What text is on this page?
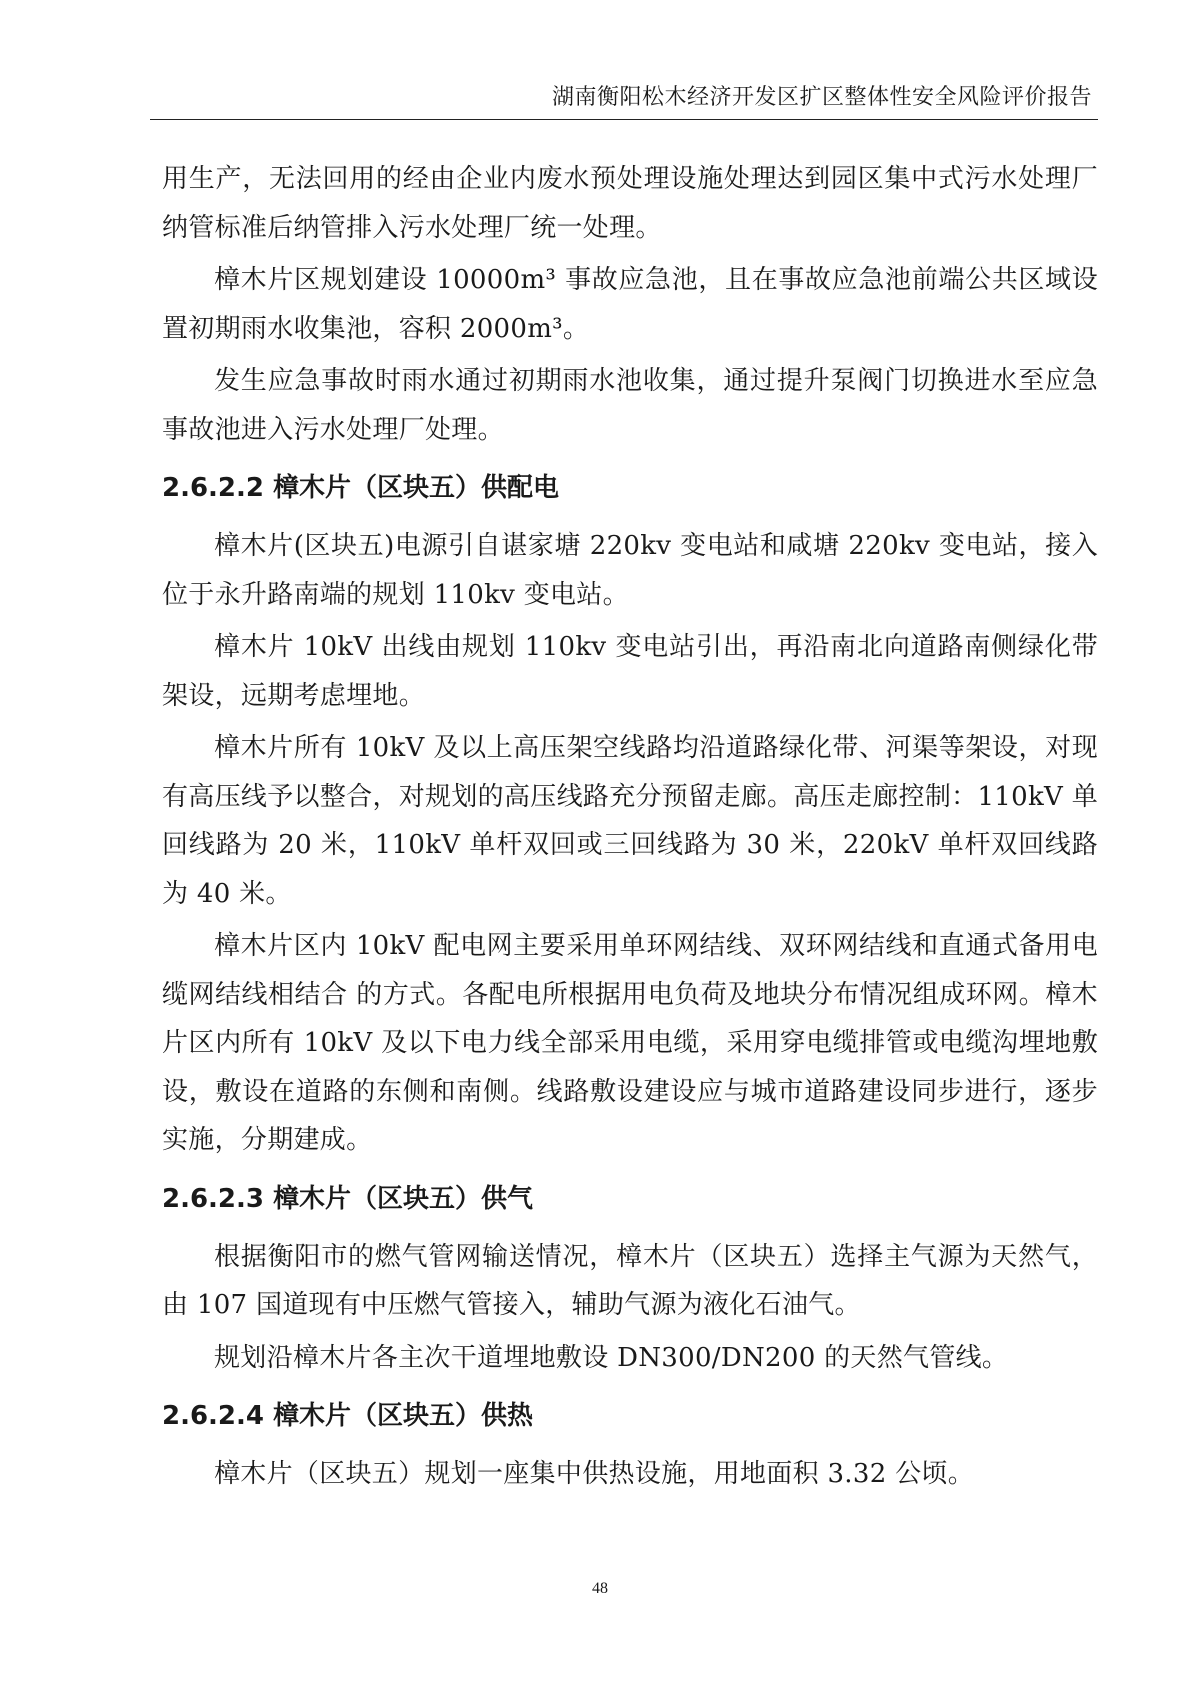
湖南衡阳松木经济开发区扩区整体性安全风险评价报告

用生产，无法回用的经由企业内废水预处理设施处理达到园区集中式污水处理厂纳管标准后纳管排入污水处理厂统一处理。

樟木片区规划建设 10000m³ 事故应急池，且在事故应急池前端公共区域设置初期雨水收集池，容积 2000m³。

发生应急事故时雨水通过初期雨水池收集，通过提升泵阀门切换进水至应急事故池进入污水处理厂处理。

2.6.2.2 樟木片（区块五）供配电

樟木片(区块五)电源引自谌家塘 220kv 变电站和咸塘 220kv 变电站，接入位于永升路南端的规划 110kv 变电站。

樟木片 10kV 出线由规划 110kv 变电站引出，再沿南北向道路南侧绿化带架设，远期考虑埋地。

樟木片所有 10kV 及以上高压架空线路均沿道路绿化带、河渠等架设，对现有高压线予以整合，对规划的高压线路充分预留走廊。高压走廊控制：110kV 单回线路为 20 米，110kV 单杆双回或三回线路为 30 米，220kV 单杆双回线路为 40 米。

樟木片区内 10kV 配电网主要采用单环网结线、双环网结线和直通式备用电缆网结线相结合 的方式。各配电所根据用电负荷及地块分布情况组成环网。樟木片区内所有 10kV 及以下电力线全部采用电缆，采用穿电缆排管或电缆沟埋地敷设，敷设在道路的东侧和南侧。线路敷设建设应与城市道路建设同步进行，逐步实施，分期建成。

2.6.2.3 樟木片（区块五）供气

根据衡阳市的燃气管网输送情况，樟木片（区块五）选择主气源为天然气，由 107 国道现有中压燃气管接入，辅助气源为液化石油气。

规划沿樟木片各主次干道埋地敷设 DN300/DN200 的天然气管线。

2.6.2.4 樟木片（区块五）供热

樟木片（区块五）规划一座集中供热设施，用地面积 3.32 公顷。

48
